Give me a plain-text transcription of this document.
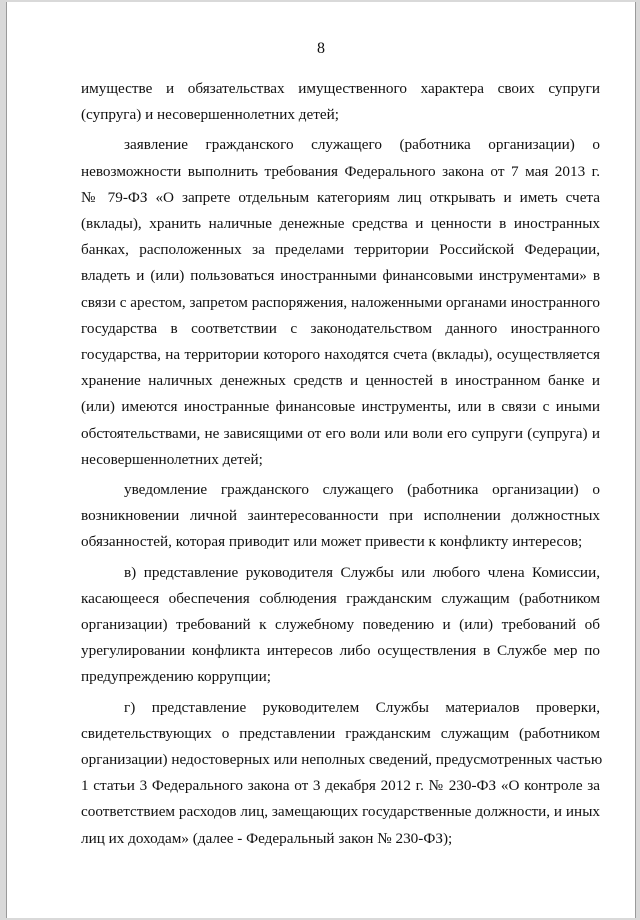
8

имуществе и обязательствах имущественного характера своих супруги
(супруга) и несовершеннолетних детей;

заявление гражданского служащего (работника организации) о
невозможности выполнить требования Федерального закона от 7 мая 2013 г.
№ 79-ФЗ «О запрете отдельным категориям лиц открывать и иметь счета
(вклады), хранить наличные денежные средства и ценности в иностранных
банках, расположенных за пределами территории Российской Федерации,
владеть и (или) пользоваться иностранными финансовыми инструментами» в
связи с арестом, запретом распоряжения, наложенными органами иностранного
государства в соответствии с законодательством данного иностранного
государства, на территории которого находятся счета (вклады), осуществляется
хранение наличных денежных средств и ценностей в иностранном банке и
(или) имеются иностранные финансовые инструменты, или в связи с иными
обстоятельствами, не зависящими от его воли или воли его супруги (супруга) и
несовершеннолетних детей;

уведомление гражданского служащего (работника организации) о
возникновении личной заинтересованности при исполнении должностных
обязанностей, которая приводит или может привести к конфликту интересов;

в) представление руководителя Службы или любого члена Комиссии,
касающееся обеспечения соблюдения гражданским служащим (работником
организации) требований к служебному поведению и (или) требований об
урегулировании конфликта интересов либо осуществления в Службе мер по
предупреждению коррупции;

г) представление руководителем Службы материалов проверки,
свидетельствующих о представлении гражданским служащим (работником
организации) недостоверных или неполных сведений, предусмотренных частью
1 статьи 3 Федерального закона от 3 декабря 2012 г. № 230-ФЗ «О контроле за
соответствием расходов лиц, замещающих государственные должности, и иных
лиц их доходам» (далее - Федеральный закон № 230-ФЗ);
